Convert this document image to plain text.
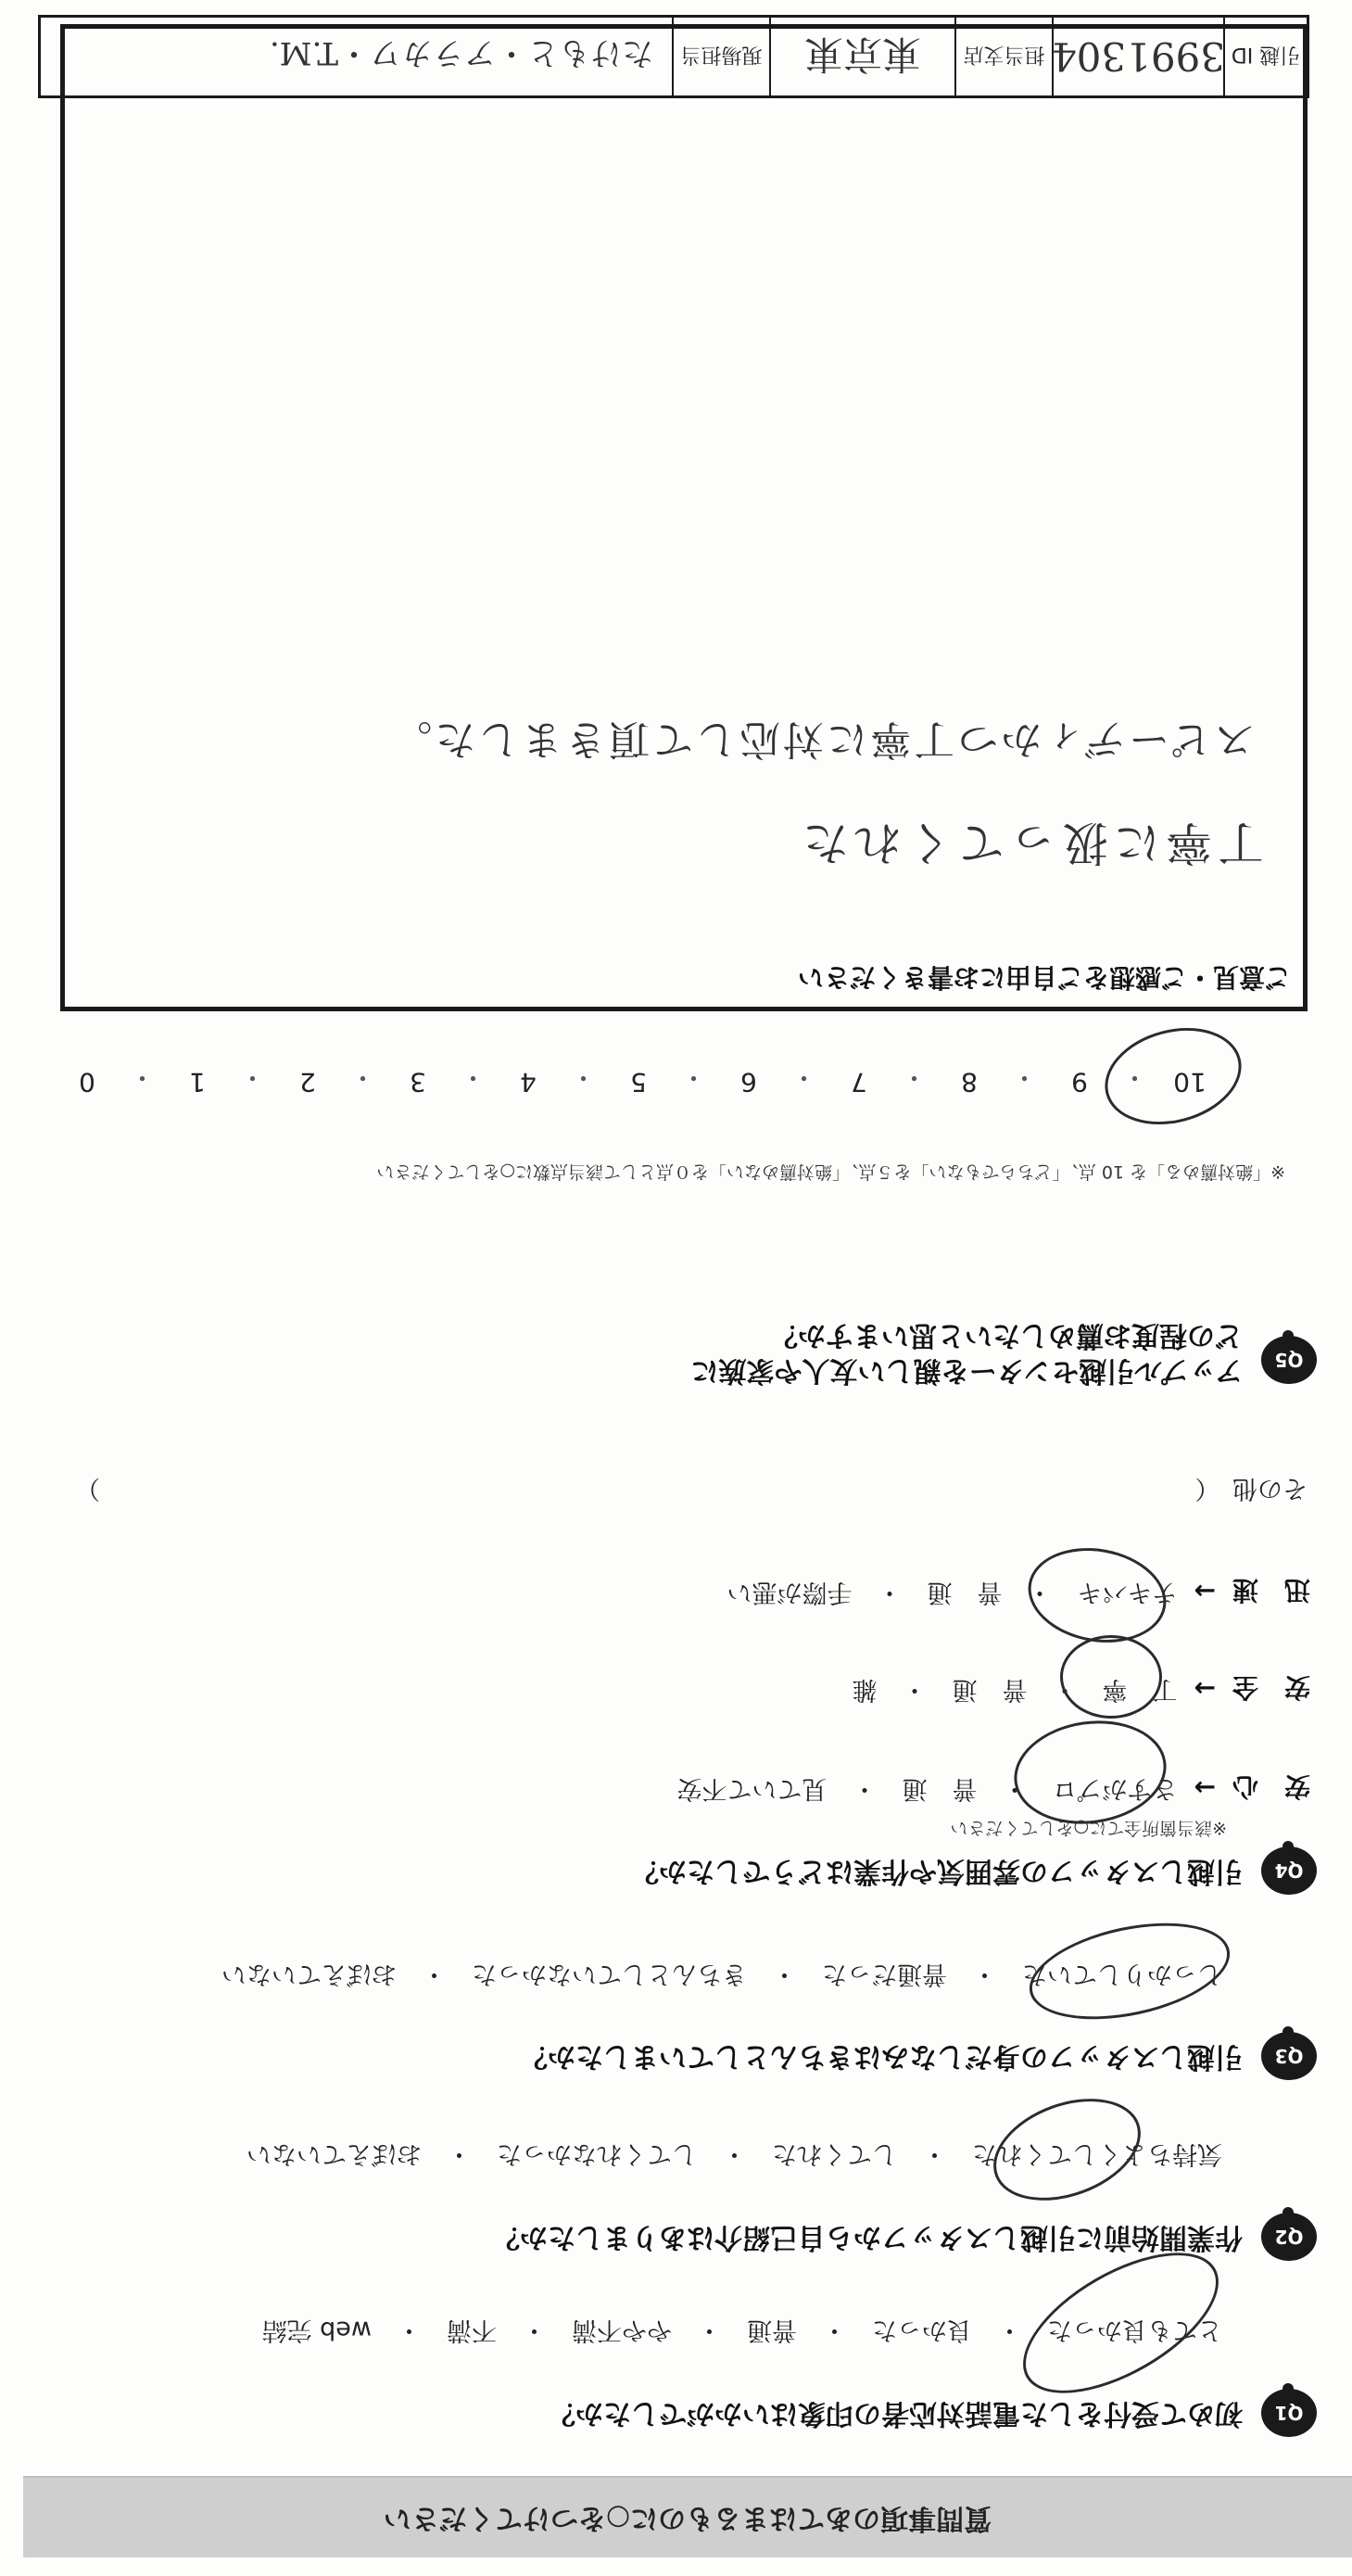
質問事項のあてはまるものに○をつけてください
Q1
初めて受付をした電話対応者の印象はいかがでしたか？
とても良かった　・　良かった　・　普通　・　やや不満　・　不満　・　web 完結
Q2
作業開始前に引越しスタッフから自己紹介はありましたか？
気持ちよくしてくれた　・　してくれた　・　してくれなかった　・　おぼえていない
Q3
引越しスタッフの身だしなみはきちんとしていましたか？
しっかりしていた　・　普通だった　・　きちんとしていなかった　・　おぼえていない
Q4
引越しスタッフの雰囲気や作業はどうでしたか？
※該当箇所全てに○をしてください
安　心
→
さすがプロ　・　普　通　・　見ていて不安
安　全
→
丁　寧　・　普　通　・　雑
迅　速
→
テキパキ　・　普　通　・　手際が悪い
その他　（
）
Q5
アップル引越センターを親しい友人や家族に
どの程度お薦めしたいと思いますか？
※「絶対薦める」を 10 点、「どちらでもない」を５点、「絶対薦めない」を０点として該当点数に○をしてください
10
・
9
・
8
・
7
・
6
・
5
・
4
・
3
・
2
・
1
・
0
ご意見・ご感想をご自由にお書きください
丁寧に扱ってくれた
スピーディかつ丁寧に対応して頂きました。
引越 ID
3991304
担当支店
東京東
現場担当
たけもと・アラカワ・T.M.
